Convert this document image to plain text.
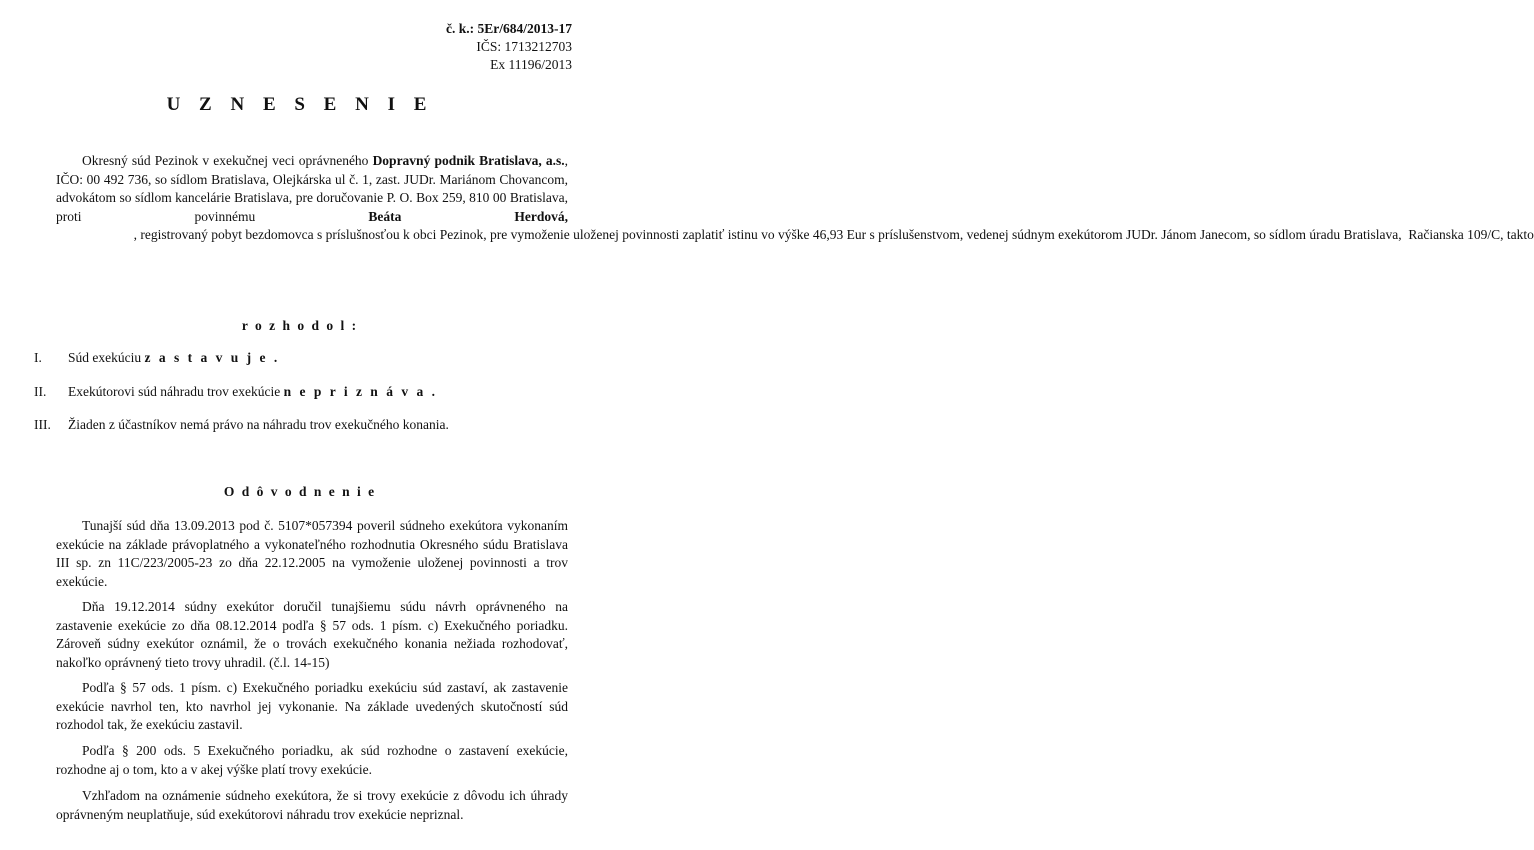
č. k.: 5Er/684/2013-17
IČS: 1713212703
Ex 11196/2013
U Z N E S E N I E
Okresný súd Pezinok v exekučnej veci oprávneného Dopravný podnik Bratislava, a.s., IČO: 00 492 736, so sídlom Bratislava, Olejkárska ul č. 1, zast. JUDr. Mariánom Chovancom, advokátom so sídlom kancelárie Bratislava, pre doručovanie P. O. Box 259, 810 00 Bratislava, proti povinnému Beáta Herdová,                       , registrovaný pobyt bezdomovca s príslušnosťou k obci Pezinok, pre vymoženie uloženej povinnosti zaplatiť istinu vo výške 46,93 Eur s príslušenstvom, vedenej súdnym exekútorom JUDr. Jánom Janecom, so sídlom úradu Bratislava,  Račianska 109/C, takto
r o z h o d o l :
I. Súd exekúciu z a s t a v u j e .
II. Exekútorovi súd náhradu trov exekúcie n e p r i z n á v a .
III. Žiaden z účastníkov nemá právo na náhradu trov exekučného konania.
O d ô v o d n e n i e
Tunajší súd dňa 13.09.2013 pod č. 5107*057394 poveril súdneho exekútora vykonaním exekúcie na základe právoplatného a vykonateľného rozhodnutia Okresného súdu Bratislava III sp. zn 11C/223/2005-23 zo dňa 22.12.2005 na vymoženie uloženej povinnosti a trov exekúcie.
Dňa 19.12.2014 súdny exekútor doručil tunajšiemu súdu návrh oprávneného na zastavenie exekúcie zo dňa 08.12.2014 podľa § 57 ods. 1 písm. c) Exekučného poriadku. Zároveň súdny exekútor oznámil, že o trovách exekučného konania nežiada rozhodovať, nakoľko oprávnený tieto trovy uhradil. (č.l. 14-15)
Podľa § 57 ods. 1 písm. c) Exekučného poriadku exekúciu súd zastaví, ak zastavenie exekúcie navrhol ten, kto navrhol jej vykonanie. Na základe uvedených skutočností súd rozhodol tak, že exekúciu zastavil.
Podľa § 200 ods. 5 Exekučného poriadku, ak súd rozhodne o zastavení exekúcie, rozhodne aj o tom, kto a v akej výške platí trovy exekúcie.
Vzhľadom na oznámenie súdneho exekútora, že si trovy exekúcie z dôvodu ich úhrady oprávneným neuplatňuje, súd exekútorovi náhradu trov exekúcie nepriznal.
